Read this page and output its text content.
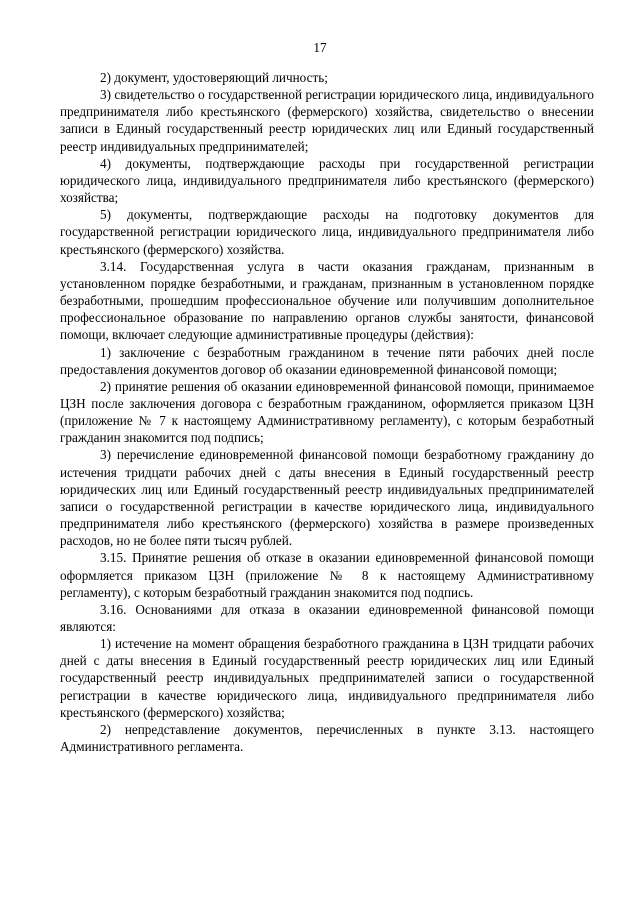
17

2) документ, удостоверяющий личность;

3) свидетельство о государственной регистрации юридического лица, индивидуального предпринимателя либо крестьянского (фермерского) хозяйства, свидетельство о внесении записи в Единый государственный реестр юридических лиц или Единый государственный реестр индивидуальных предпринимателей;

4) документы, подтверждающие расходы при государственной регистрации юридического лица, индивидуального предпринимателя либо крестьянского (фермерского) хозяйства;

5) документы, подтверждающие расходы на подготовку документов для государственной регистрации юридического лица, индивидуального предпринимателя либо крестьянского (фермерского) хозяйства.

3.14. Государственная услуга в части оказания гражданам, признанным в установленном порядке безработными, и гражданам, признанным в установленном порядке безработными, прошедшим профессиональное обучение или получившим дополнительное профессиональное образование по направлению органов службы занятости, финансовой помощи, включает следующие административные процедуры (действия):

1) заключение с безработным гражданином в течение пяти рабочих дней после предоставления документов договор об оказании единовременной финансовой помощи;

2) принятие решения об оказании единовременной финансовой помощи, принимаемое ЦЗН после заключения договора с безработным гражданином, оформляется приказом ЦЗН (приложение № 7 к настоящему Административному регламенту), с которым безработный гражданин знакомится под подпись;

3) перечисление единовременной финансовой помощи безработному гражданину до истечения тридцати рабочих дней с даты внесения в Единый государственный реестр юридических лиц или Единый государственный реестр индивидуальных предпринимателей записи о государственной регистрации в качестве юридического лица, индивидуального предпринимателя либо крестьянского (фермерского) хозяйства в размере произведенных расходов, но не более пяти тысяч рублей.

3.15. Принятие решения об отказе в оказании единовременной финансовой помощи оформляется приказом ЦЗН (приложение № 8 к настоящему Административному регламенту), с которым безработный гражданин знакомится под подпись.

3.16. Основаниями для отказа в оказании единовременной финансовой помощи являются:

1) истечение на момент обращения безработного гражданина в ЦЗН тридцати рабочих дней с даты внесения в Единый государственный реестр юридических лиц или Единый государственный реестр индивидуальных предпринимателей записи о государственной регистрации в качестве юридического лица, индивидуального предпринимателя либо крестьянского (фермерского) хозяйства;

2) непредставление документов, перечисленных в пункте 3.13. настоящего Административного регламента.
